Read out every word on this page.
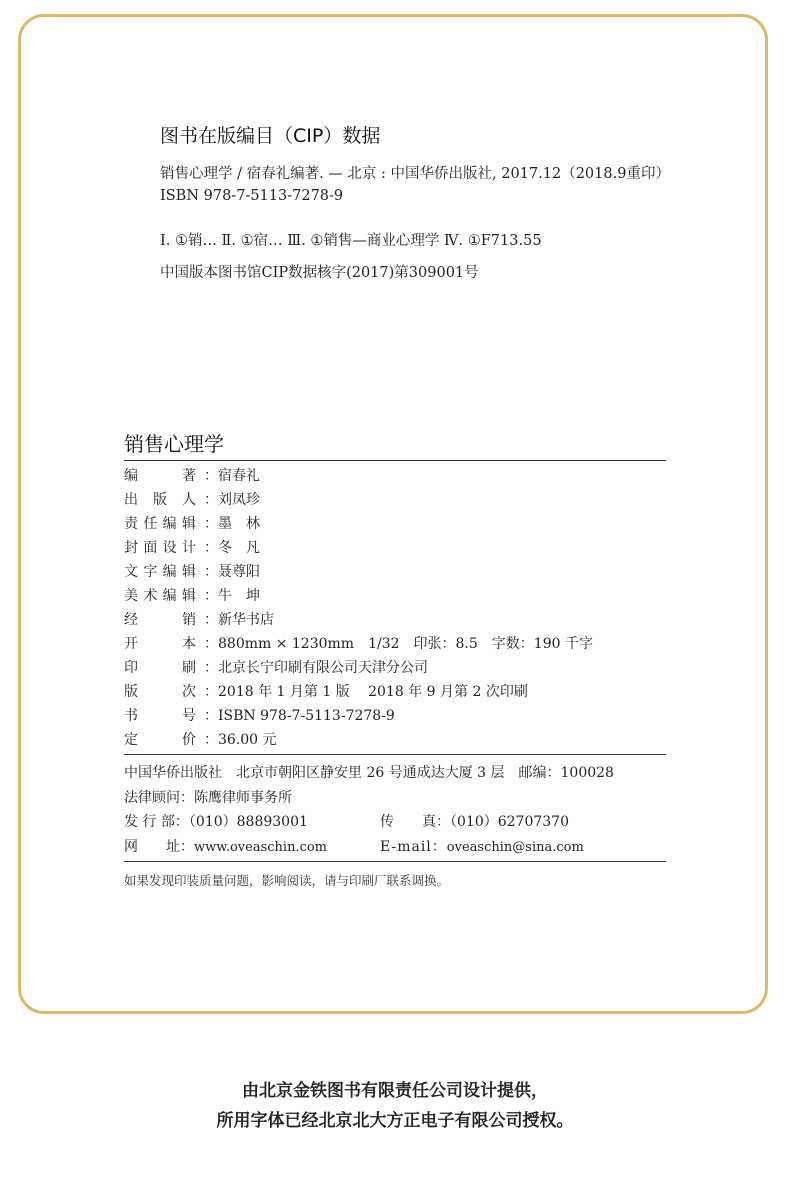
图书在版编目（CIP）数据
销售心理学 / 宿春礼编著. — 北京 : 中国华侨出版社, 2017.12（2018.9重印）
ISBN 978-7-5113-7278-9
Ⅰ. ①销… Ⅱ. ①宿… Ⅲ. ①销售—商业心理学 Ⅳ. ①F713.55
中国版本图书馆CIP数据核字(2017)第309001号
销售心理学
编著 ：宿春礼
出版人 ：刘凤珍
责任编辑 ：墨　林
封面设计 ：冬　凡
文字编辑 ：聂尊阳
美术编辑 ：牛　坤
经销 ：新华书店
开本 ：880mm × 1230mm　1/32　印张：8.5　字数：190 千字
印刷 ：北京长宁印刷有限公司天津分公司
版次 ：2018 年 1 月第 1 版　 2018 年 9 月第 2 次印刷
书号 ：ISBN 978-7-5113-7278-9
定价 ：36.00 元
中国华侨出版社　北京市朝阳区静安里 26 号通成达大厦 3 层　邮编：100028
法律顾问：陈鹰律师事务所
发 行 部：（010）88893001	传　　真：（010）62707370
网　　址：www.oveaschin.com	E-mail：oveaschin@sina.com
如果发现印装质量问题，影响阅读，请与印刷厂联系调换。
由北京金铁图书有限责任公司设计提供，
所用字体已经北京北大方正电子有限公司授权。
